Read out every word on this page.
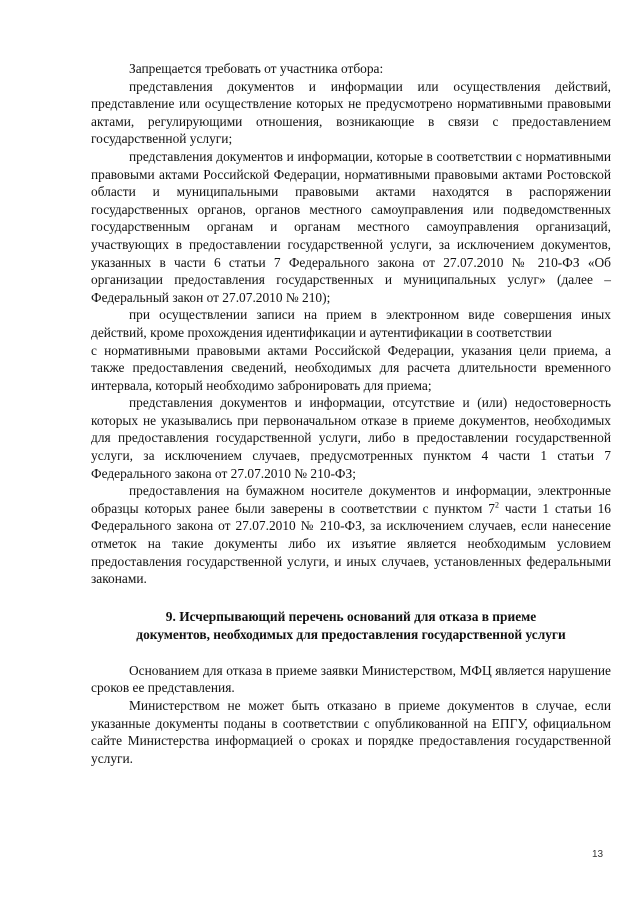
Запрещается требовать от участника отбора:

представления документов и информации или осуществления действий, представление или осуществление которых не предусмотрено нормативными правовыми актами, регулирующими отношения, возникающие в связи с предоставлением государственной услуги;

представления документов и информации, которые в соответствии с нормативными правовыми актами Российской Федерации, нормативными правовыми актами Ростовской области и муниципальными правовыми актами находятся в распоряжении государственных органов, органов местного самоуправления или подведомственных государственным органам и органам местного самоуправления организаций, участвующих в предоставлении государственной услуги, за исключением документов, указанных в части 6 статьи 7 Федерального закона от 27.07.2010 № 210-ФЗ «Об организации предоставления государственных и муниципальных услуг» (далее – Федеральный закон от 27.07.2010 № 210);

при осуществлении записи на прием в электронном виде совершения иных действий, кроме прохождения идентификации и аутентификации в соответствии

с нормативными правовыми актами Российской Федерации, указания цели приема, а также предоставления сведений, необходимых для расчета длительности временного интервала, который необходимо забронировать для приема;

представления документов и информации, отсутствие и (или) недостоверность которых не указывались при первоначальном отказе в приеме документов, необходимых для предоставления государственной услуги, либо в предоставлении государственной услуги, за исключением случаев, предусмотренных пунктом 4 части 1 статьи 7 Федерального закона от 27.07.2010 № 210-ФЗ;

предоставления на бумажном носителе документов и информации, электронные образцы которых ранее были заверены в соответствии с пунктом $7^2$ части 1 статьи 16 Федерального закона от 27.07.2010 № 210-ФЗ, за исключением случаев, если нанесение отметок на такие документы либо их изъятие является необходимым условием предоставления государственной услуги, и иных случаев, установленных федеральными законами.

9. Исчерпывающий перечень оснований для отказа в приеме
документов, необходимых для предоставления государственной услуги

Основанием для отказа в приеме заявки Министерством, МФЦ является нарушение сроков ее представления.

Министерством не может быть отказано в приеме документов в случае, если указанные документы поданы в соответствии с опубликованной на ЕПГУ, официальном сайте Министерства информацией о сроках и порядке предоставления государственной услуги.

13
